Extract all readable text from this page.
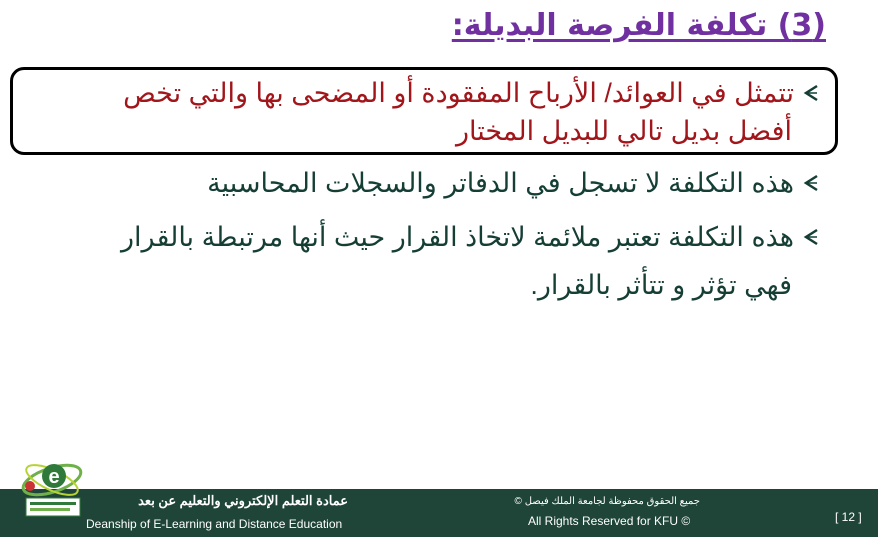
(3) تكلفة الفرصة البديلة:
تتمثل في العوائد/ الأرباح المفقودة أو المضحى بها والتي تخص
أفضل بديل تالي للبديل المختار
هذه التكلفة لا تسجل في الدفاتر والسجلات المحاسبية
هذه التكلفة تعتبر ملائمة لاتخاذ القرار حيث أنها مرتبطة بالقرار
فهي تؤثر و تتأثر بالقرار.
عمادة التعلم الإلكتروني والتعليم عن بعد
Deanship of E-Learning and Distance Education
جميع الحقوق محفوظة لجامعة الملك فيصل ©
All Rights Reserved for KFU ©	[ 12 ]
e
